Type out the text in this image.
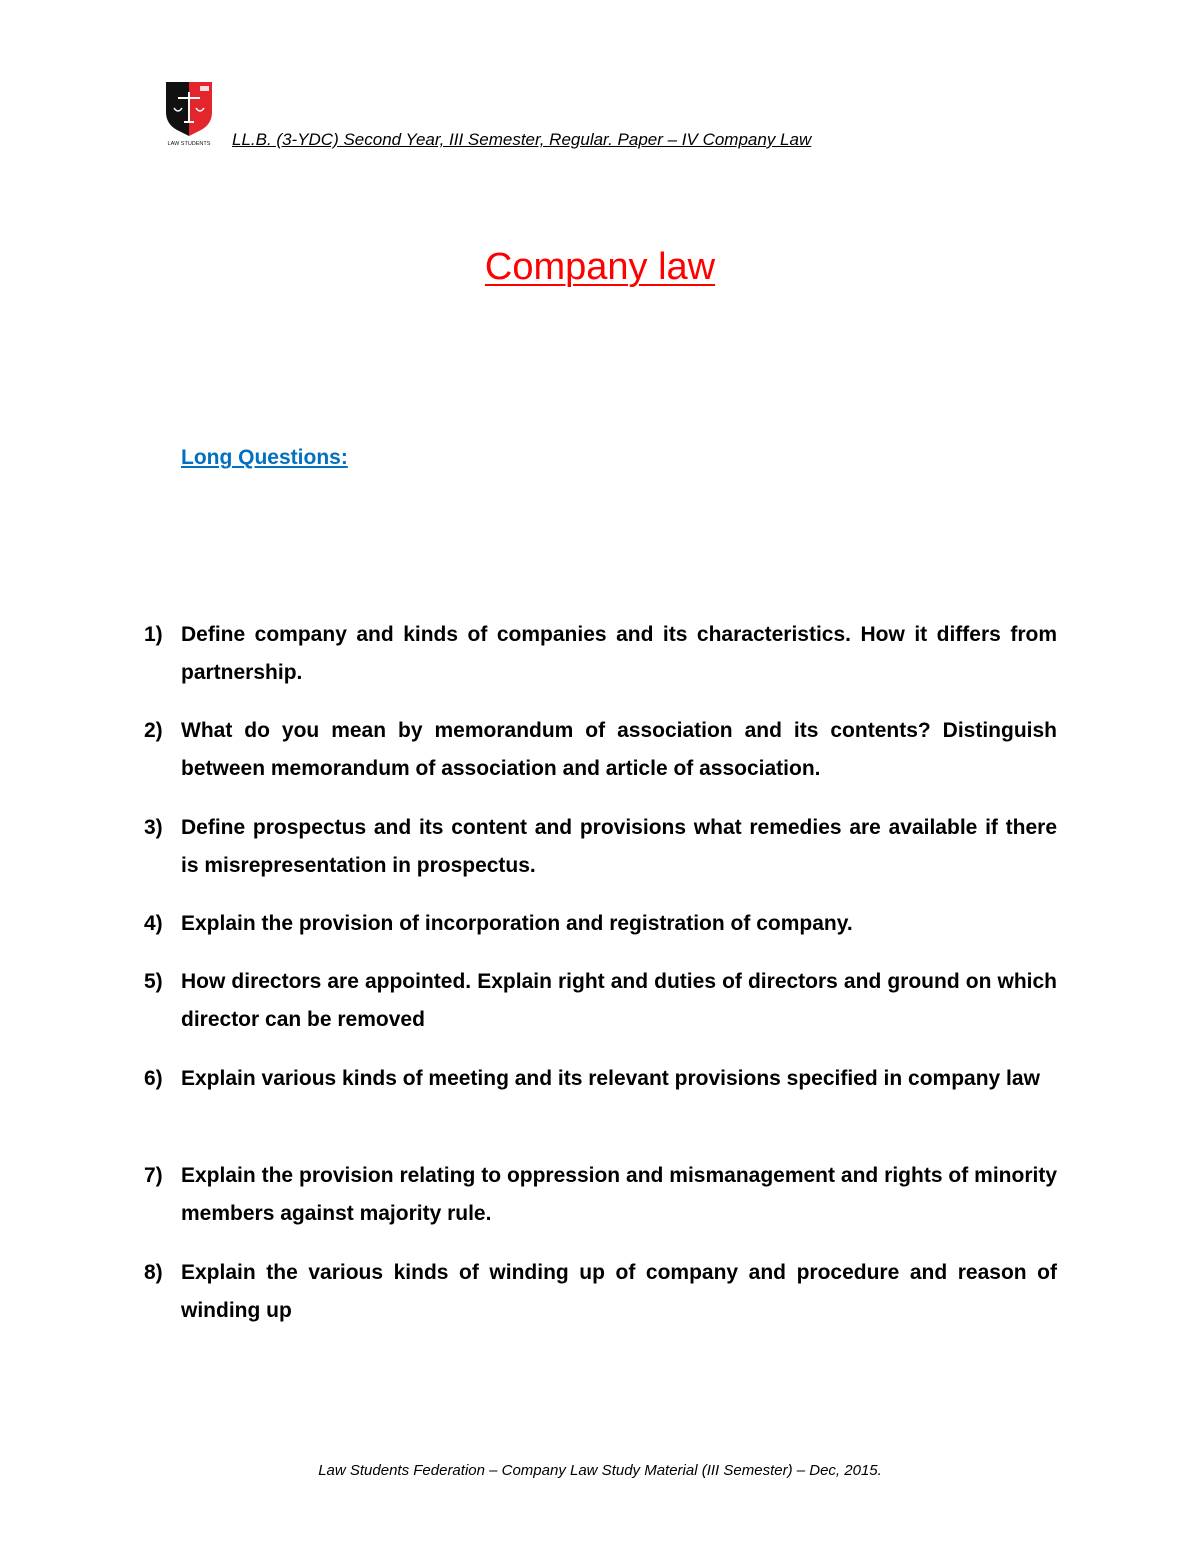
LAW STUDENTS LL.B. (3-YDC) Second Year, III Semester, Regular. Paper – IV Company Law
Company law
Long Questions:
1) Define company and kinds of companies and its characteristics. How it differs from partnership.
2) What do you mean by memorandum of association and its contents? Distinguish between memorandum of association and article of association.
3) Define prospectus and its content and provisions what remedies are available if there is misrepresentation in prospectus.
4) Explain the provision of incorporation and registration of company.
5) How directors are appointed. Explain right and duties of directors and ground on which director can be removed
6) Explain various kinds of meeting and its relevant provisions specified in company law
7) Explain the provision relating to oppression and mismanagement and rights of minority members against majority rule.
8) Explain the various kinds of winding up of company and procedure and reason of winding up
Law Students Federation – Company Law Study Material (III Semester) – Dec, 2015.
